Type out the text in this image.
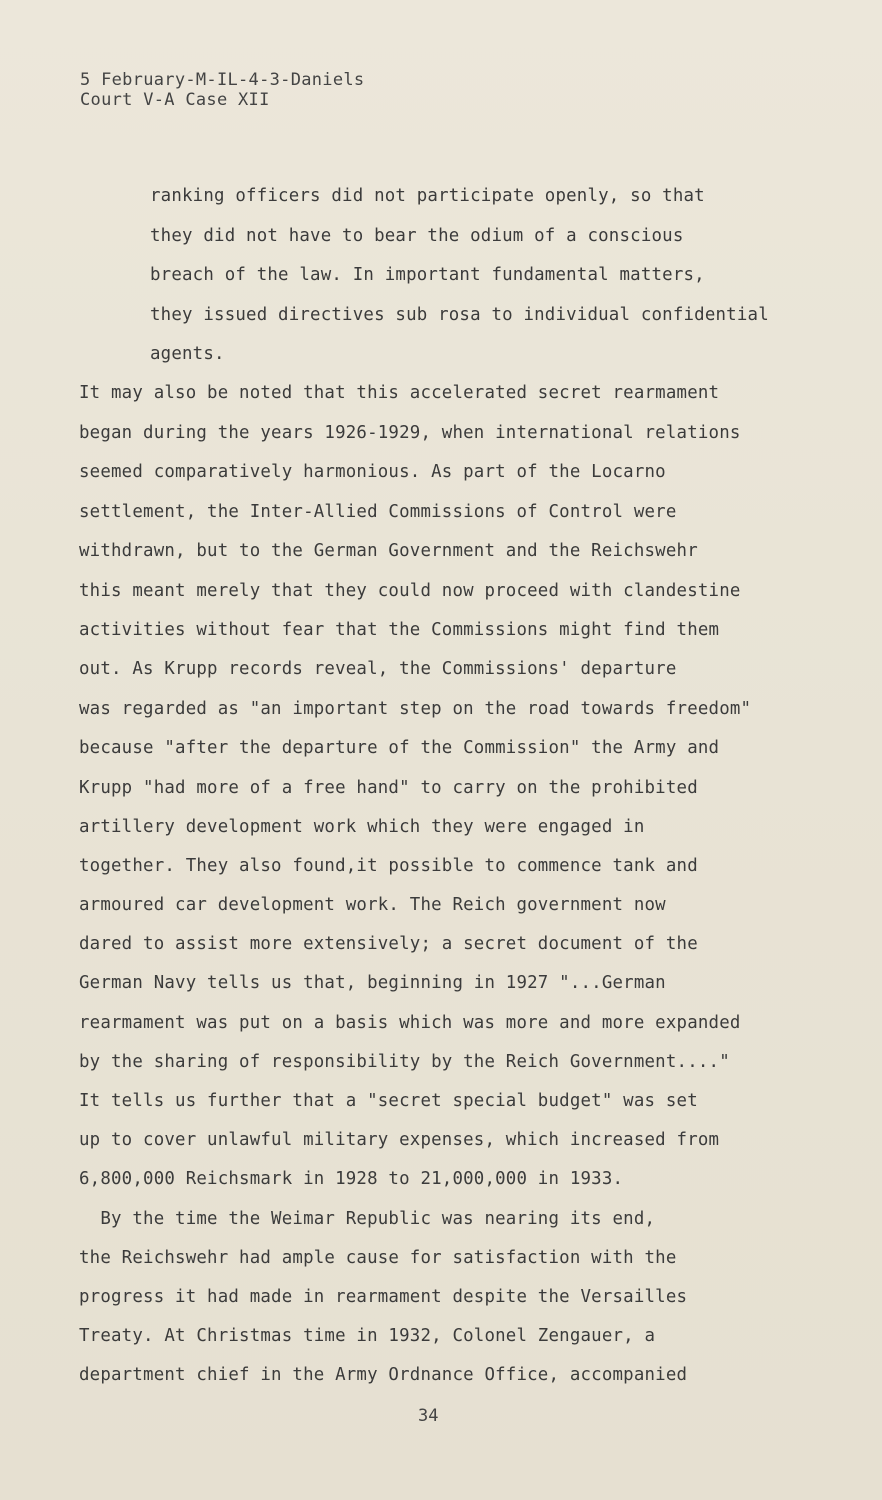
5 February-M-IL-4-3-Daniels
Court V-A Case XII
ranking officers did not participate openly, so that
they did not have to bear the odium of a conscious
breach of the law. In important fundamental matters,
they issued directives sub rosa to individual confidential
agents.
It may also be noted that this accelerated secret rearmament
began during the years 1926-1929, when international relations
seemed comparatively harmonious. As part of the Locarno
settlement, the Inter-Allied Commissions of Control were
withdrawn, but to the German Government and the Reichswehr
this meant merely that they could now proceed with clandestine
activities without fear that the Commissions might find them
out. As Krupp records reveal, the Commissions' departure
was regarded as "an important step on the road towards freedom"
because "after the departure of the Commission" the Army and
Krupp "had more of a free hand" to carry on the prohibited
artillery development work which they were engaged in
together. They also found,it possible to commence tank and
armoured car development work. The Reich government now
dared to assist more extensively; a secret document of the
German Navy tells us that, beginning in 1927 "...German
rearmament was put on a basis which was more and more expanded
by the sharing of responsibility by the Reich Government...."
It tells us further that a "secret special budget" was set
up to cover unlawful military expenses, which increased from
6,800,000 Reichsmark in 1928 to 21,000,000 in 1933.
By the time the Weimar Republic was nearing its end,
the Reichswehr had ample cause for satisfaction with the
progress it had made in rearmament despite the Versailles
Treaty. At Christmas time in 1932, Colonel Zengauer, a
department chief in the Army Ordnance Office, accompanied
34
